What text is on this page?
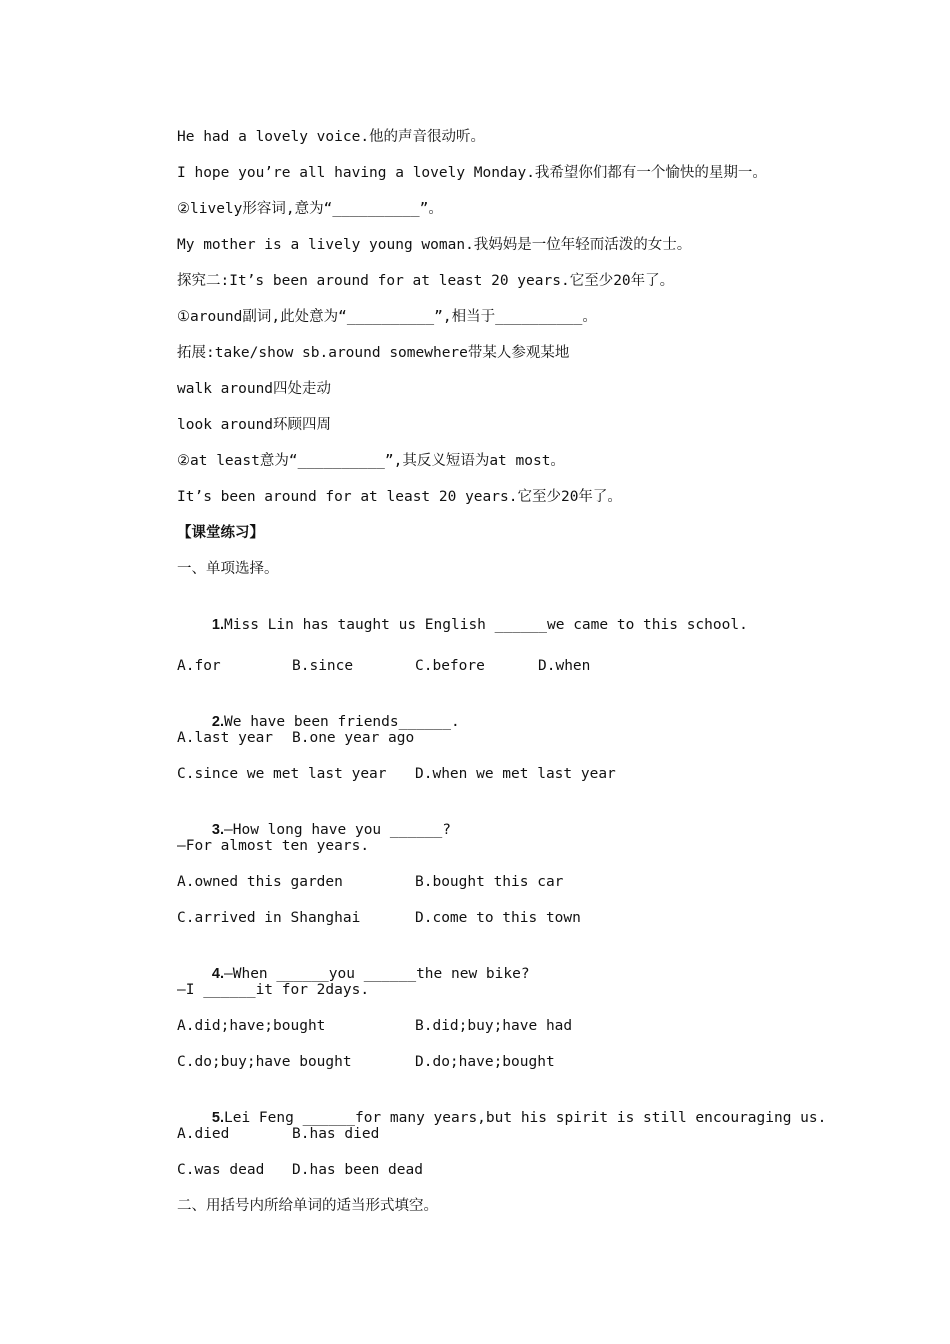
He had a lovely voice.他的声音很动听。
I hope you’re all having a lovely Monday.我希望你们都有一个愉快的星期一。
②lively形容词,意为“__________”。
My mother is a lively young woman.我妈妈是一位年轻而活泼的女士。
探究二:It’s been around for at least 20 years.它至少20年了。
①around副词,此处意为“__________”,相当于__________。
拓展:take/show sb.around somewhere带某人参观某地
walk around四处走动
look around环顾四周
②at least意为“__________”,其反义短语为at most。
It’s been around for at least 20 years.它至少20年了。
【课堂练习】
一、单项选择。

1.Miss Lin has taught us English ______we came to this school.

A.for	B.since	C.before	D.when

2.We have been friends______.

A.last year B.one year ago
C.since we met last year D.when we met last year

3.—How long have you ______?

—For almost ten years.
A.owned this garden	B.bought this car
C.arrived in Shanghai	D.come to this town

4.—When ______you ______the new bike?

—I ______it for 2days.
A.did;have;bought	B.did;buy;have had
C.do;buy;have bought	D.do;have;bought

5.Lei Feng ______for many years,but his spirit is still encouraging us.

A.died	B.has died
C.was dead D.has been dead
二、用括号内所给单词的适当形式填空。
